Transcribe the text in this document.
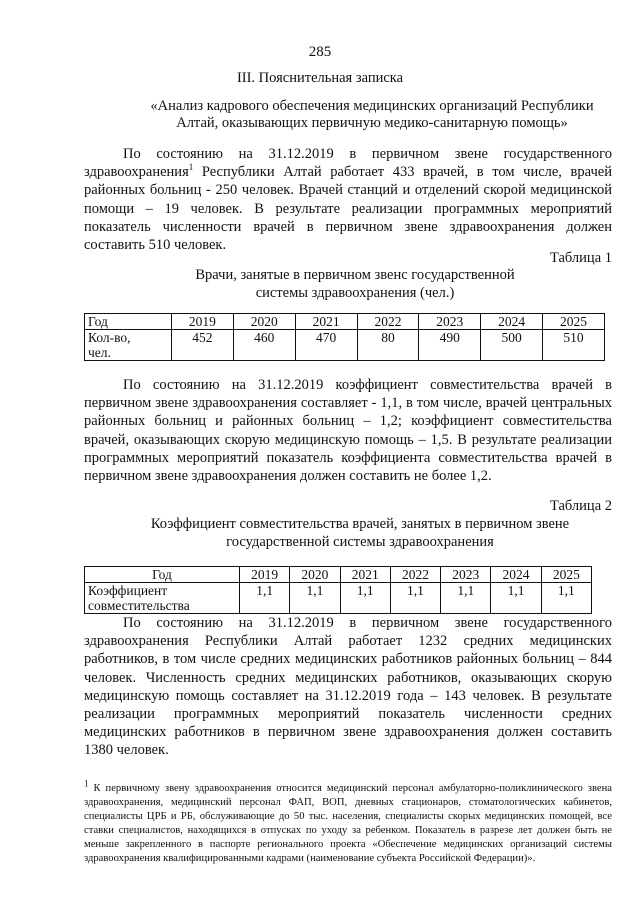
285
III. Пояснительная записка
«Анализ кадрового обеспечения медицинских организаций Республики Алтай, оказывающих первичную медико-санитарную помощь»

По состоянию на 31.12.2019 в первичном звене государственного здравоохранения$^1$ Республики Алтай работает 433 врачей, в том числе, врачей районных больниц - 250 человек. Врачей станций и отделений скорой медицинской помощи – 19 человек. В результате реализации программных мероприятий показатель численности врачей в первичном звене здравоохранения должен составить 510 человек.

Таблица 1
Врачи, занятые в первичном звенс государственной
системы здравоохранения (чел.)
Год	2019	2020	2021	2022	2023	2024	2025

Кол-во,
чел.	452	460	470	80	490	500	510

По состоянию на 31.12.2019 коэффициент совместительства врачей в первичном звене здравоохранения составляет - 1,1, в том числе, врачей центральных районных больниц и районных больниц – 1,2; коэффициент совместительства врачей, оказывающих скорую медицинскую помощь – 1,5. В результате реализации программных мероприятий показатель коэффициента совместительства врачей в первичном звене здравоохранения должен составить не более 1,2.

Таблица 2
Коэффициент совместительства врачей, занятых в первичном звене
государственной системы здравоохранения
Год	2019	2020	2021	2022	2023	2024	2025

Коэффициент
совместительства	1,1	1,1	1,1	1,1	1,1	1,1	1,1

По состоянию на 31.12.2019 в первичном звене государственного здравоохранения Республики Алтай работает 1232 средних медицинских работников, в том числе средних медицинских работников районных больниц – 844 человек. Численность средних медицинских работников, оказывающих скорую медицинскую помощь составляет на 31.12.2019 года – 143 человек. В результате реализации программных мероприятий показатель численности средних медицинских работников в первичном звене здравоохранения должен составить 1380 человек.

$^1$ К первичному звену здравоохранения относится медицинский персонал амбулаторно-поликлинического звена здравоохранения, медицинский персонал ФАП, ВОП, дневных стационаров, стоматологических кабинетов, специалисты ЦРБ и РБ, обслуживающие до 50 тыс. населения, специалисты скорых медицинских помощей, все ставки специалистов, находящихся в отпусках по уходу за ребенком. Показатель в разрезе лет должен быть не меньше закрепленного в паспорте регионального проекта «Обеспечение медицинских организаций системы здравоохранения квалифицированными кадрами (наименование субъекта Российской Федерации)».
